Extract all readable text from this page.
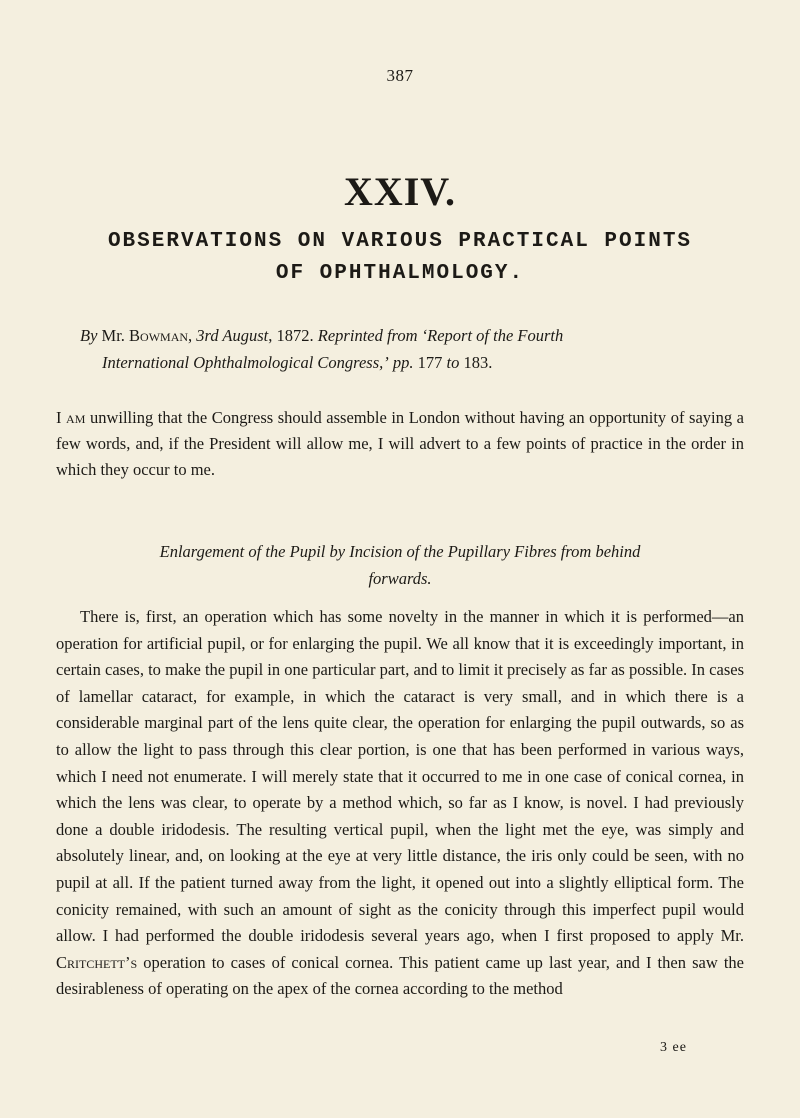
387
XXIV.
OBSERVATIONS ON VARIOUS PRACTICAL POINTS
OF OPHTHALMOLOGY.
By Mr. Bowman, 3rd August, 1872. Reprinted from ‘Report of the Fourth
International Ophthalmological Congress,’ pp. 177 to 183.
I am unwilling that the Congress should assemble in London without having an opportunity of saying a few words, and, if the President will allow me, I will advert to a few points of practice in the order in which they occur to me.
Enlargement of the Pupil by Incision of the Pupillary Fibres from behind
forwards.
There is, first, an operation which has some novelty in the manner in which it is performed—an operation for artificial pupil, or for enlarging the pupil. We all know that it is exceedingly important, in certain cases, to make the pupil in one particular part, and to limit it precisely as far as possible. In cases of lamellar cataract, for example, in which the cataract is very small, and in which there is a considerable marginal part of the lens quite clear, the operation for enlarging the pupil outwards, so as to allow the light to pass through this clear portion, is one that has been performed in various ways, which I need not enumerate. I will merely state that it occurred to me in one case of conical cornea, in which the lens was clear, to operate by a method which, so far as I know, is novel. I had previously done a double iridodesis. The resulting vertical pupil, when the light met the eye, was simply and absolutely linear, and, on looking at the eye at very little distance, the iris only could be seen, with no pupil at all. If the patient turned away from the light, it opened out into a slightly elliptical form. The conicity remained, with such an amount of sight as the conicity through this imperfect pupil would allow. I had performed the double iridodesis several years ago, when I first proposed to apply Mr. Critchett’s operation to cases of conical cornea. This patient came up last year, and I then saw the desirableness of operating on the apex of the cornea according to the method
3 ee
